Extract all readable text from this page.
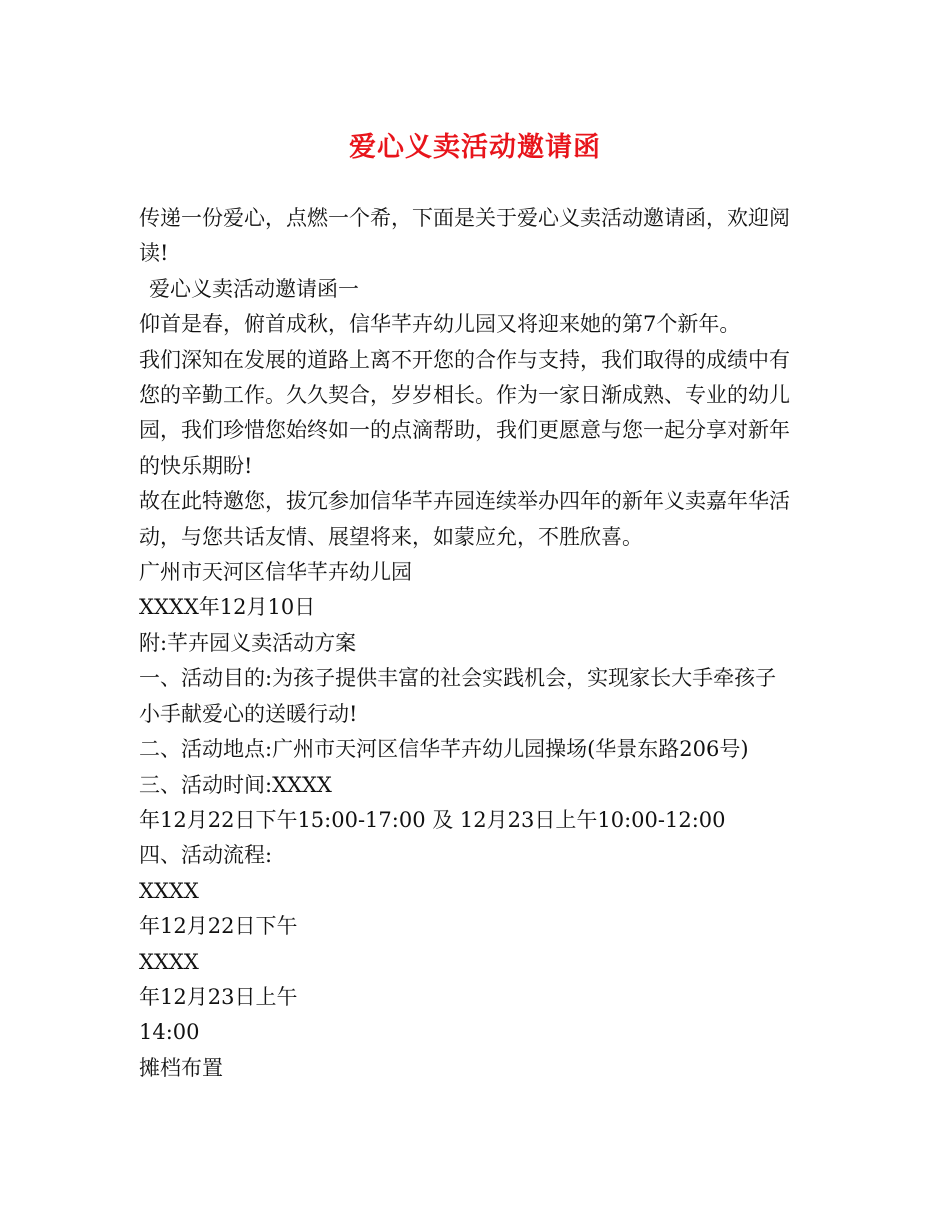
爱心义卖活动邀请函

传递一份爱心，点燃一个希，下面是关于爱心义卖活动邀请函，欢迎阅

读!

爱心义卖活动邀请函一

仰首是春，俯首成秋，信华芊卉幼儿园又将迎来她的第7个新年。

我们深知在发展的道路上离不开您的合作与支持，我们取得的成绩中有

您的辛勤工作。久久契合，岁岁相长。作为一家日渐成熟、专业的幼儿

园，我们珍惜您始终如一的点滴帮助，我们更愿意与您一起分享对新年

的快乐期盼!

故在此特邀您，拔冗参加信华芊卉园连续举办四年的新年义卖嘉年华活

动，与您共话友情、展望将来，如蒙应允，不胜欣喜。

广州市天河区信华芊卉幼儿园

XXXX年12月10日

附:芊卉园义卖活动方案

一、活动目的:为孩子提供丰富的社会实践机会，实现家长大手牵孩子

小手献爱心的送暖行动!

二、活动地点:广州市天河区信华芊卉幼儿园操场(华景东路206号)

三、活动时间:XXXX

年12月22日下午15:00-17:00 及 12月23日上午10:00-12:00

四、活动流程:

XXXX

年12月22日下午

XXXX

年12月23日上午

14:00

摊档布置
